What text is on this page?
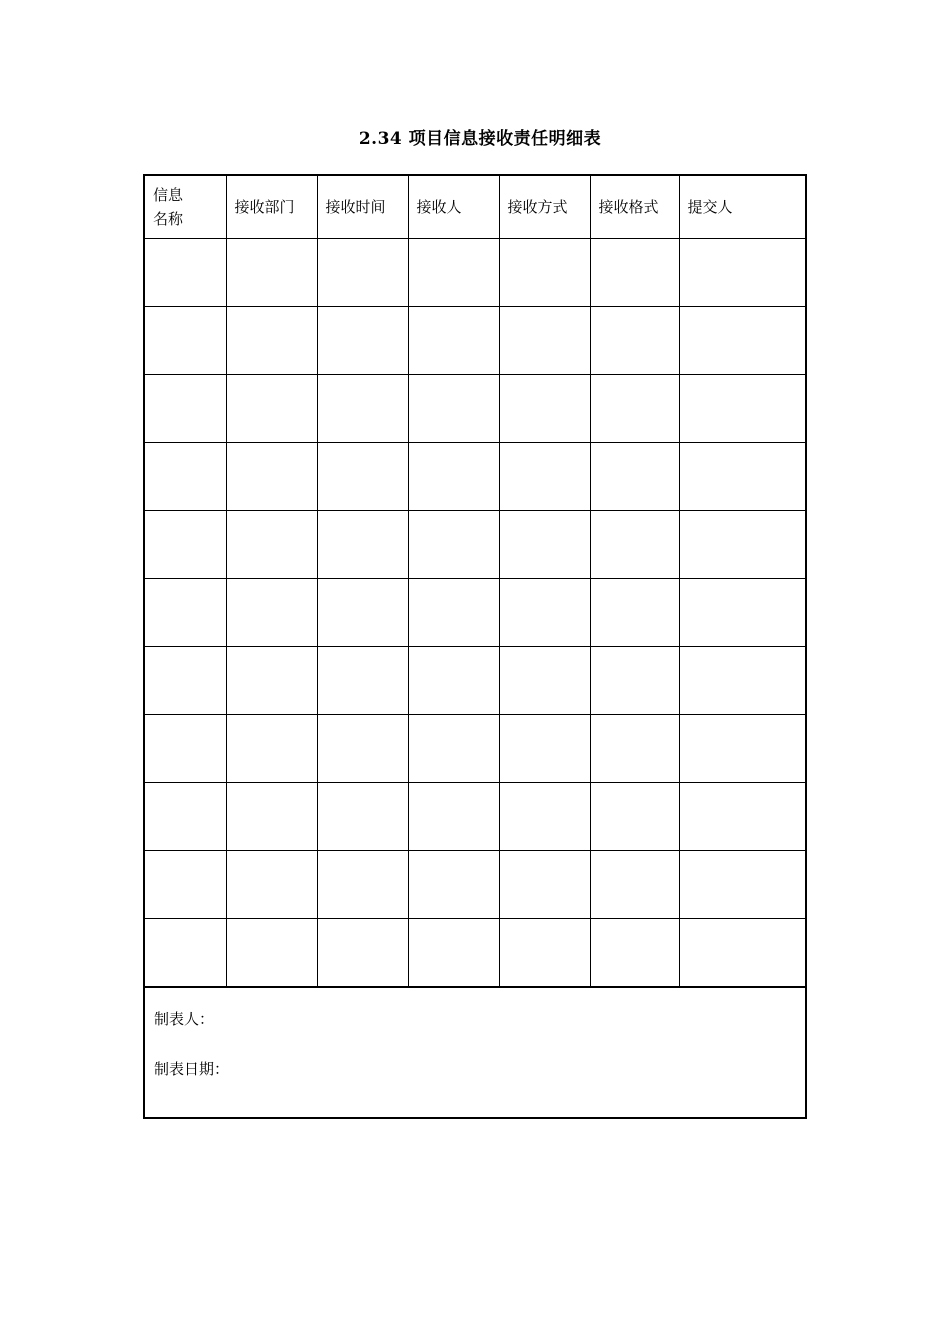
2.34 项目信息接收责任明细表
信息
名称	接收部门	接收时间	接收人	接收方式	接收格式	提交人

制表人：
制表日期：						
